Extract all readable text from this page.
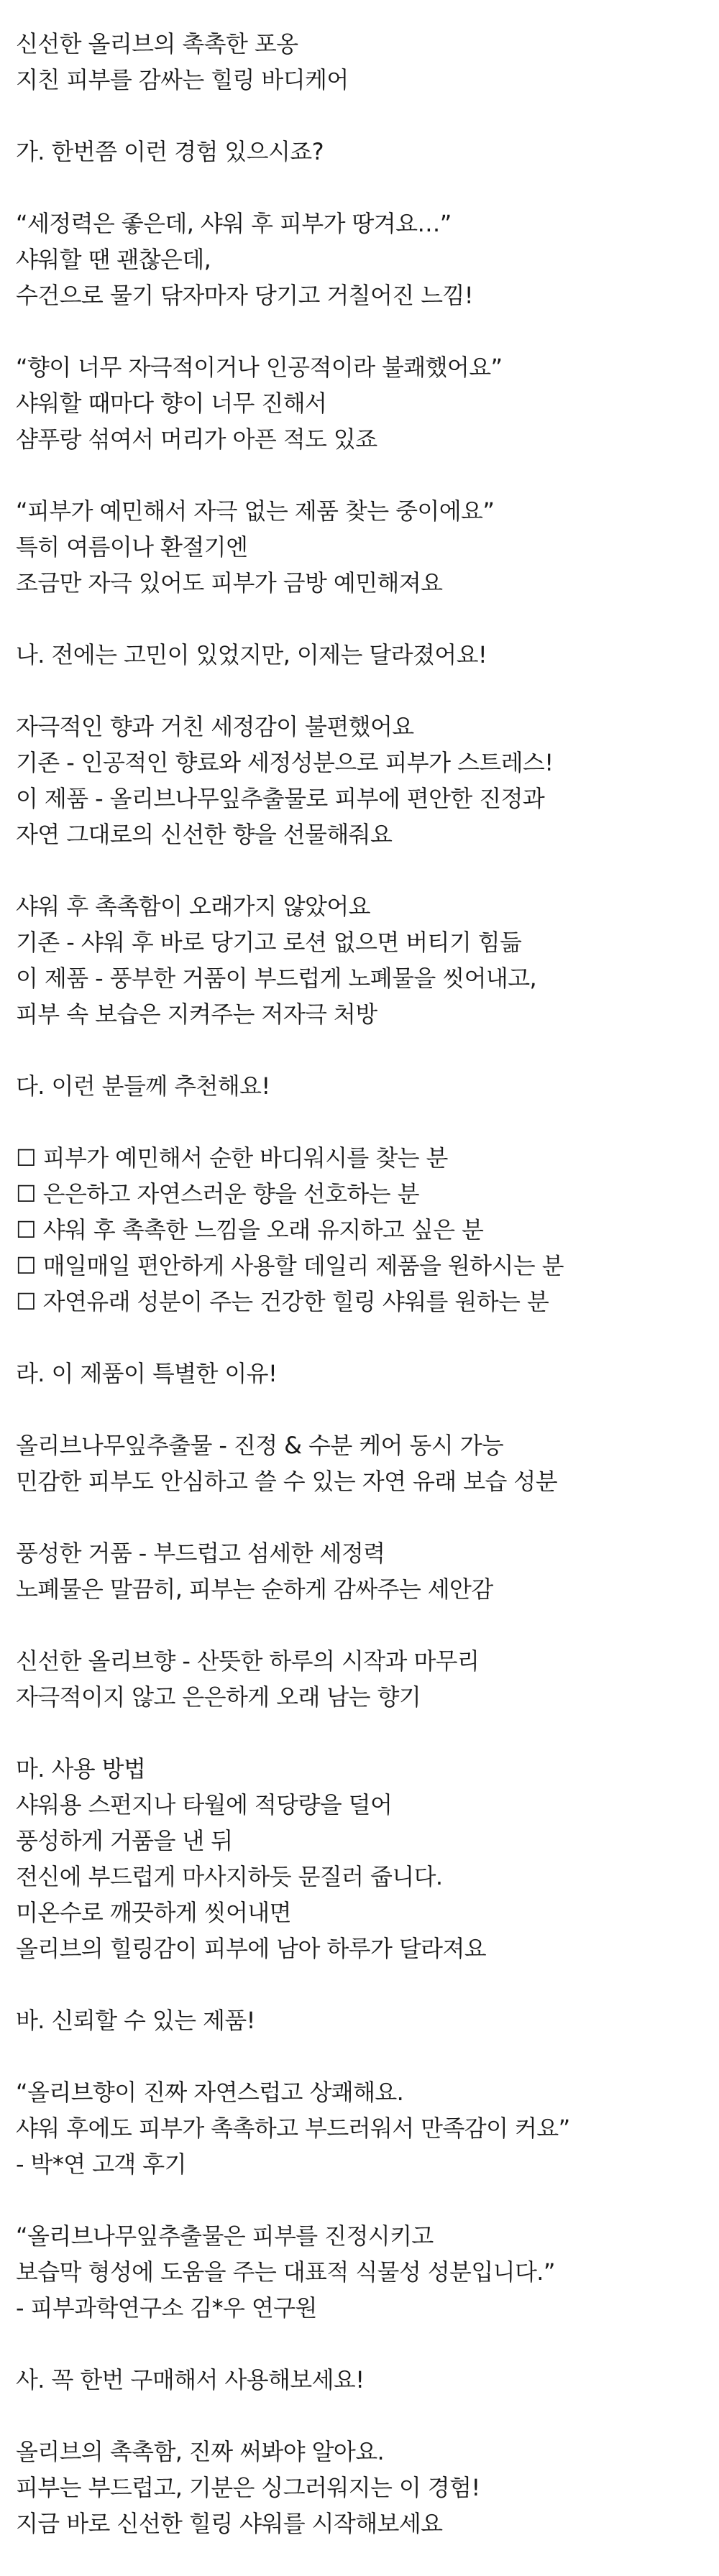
신선한 올리브의 촉촉한 포옹
지친 피부를 감싸는 힐링 바디케어
가. 한번쯤 이런 경험 있으시죠?
“세정력은 좋은데, 샤워 후 피부가 땅겨요…”
샤워할 땐 괜찮은데,
수건으로 물기 닦자마자 당기고 거칠어진 느낌!
“향이 너무 자극적이거나 인공적이라 불쾌했어요”
샤워할 때마다 향이 너무 진해서
샴푸랑 섞여서 머리가 아픈 적도 있죠
“피부가 예민해서 자극 없는 제품 찾는 중이에요”
특히 여름이나 환절기엔
조금만 자극 있어도 피부가 금방 예민해져요
나. 전에는 고민이 있었지만, 이제는 달라졌어요!
자극적인 향과 거친 세정감이 불편했어요
기존 - 인공적인 향료와 세정성분으로 피부가 스트레스!
이 제품 - 올리브나무잎추출물로 피부에 편안한 진정과
자연 그대로의 신선한 향을 선물해줘요
샤워 후 촉촉함이 오래가지 않았어요
기존 - 샤워 후 바로 당기고 로션 없으면 버티기 힘듦
이 제품 - 풍부한 거품이 부드럽게 노폐물을 씻어내고,
피부 속 보습은 지켜주는 저자극 처방
다. 이런 분들께 추천해요!
☐ 피부가 예민해서 순한 바디워시를 찾는 분
☐ 은은하고 자연스러운 향을 선호하는 분
☐ 샤워 후 촉촉한 느낌을 오래 유지하고 싶은 분
☐ 매일매일 편안하게 사용할 데일리 제품을 원하시는 분
☐ 자연유래 성분이 주는 건강한 힐링 샤워를 원하는 분
라. 이 제품이 특별한 이유!
올리브나무잎추출물 - 진정 & 수분 케어 동시 가능
민감한 피부도 안심하고 쓸 수 있는 자연 유래 보습 성분
풍성한 거품 - 부드럽고 섬세한 세정력
노폐물은 말끔히, 피부는 순하게 감싸주는 세안감
신선한 올리브향 - 산뜻한 하루의 시작과 마무리
자극적이지 않고 은은하게 오래 남는 향기
마. 사용 방법
샤워용 스펀지나 타월에 적당량을 덜어
풍성하게 거품을 낸 뒤
전신에 부드럽게 마사지하듯 문질러 줍니다.
미온수로 깨끗하게 씻어내면
올리브의 힐링감이 피부에 남아 하루가 달라져요
바. 신뢰할 수 있는 제품!
“올리브향이 진짜 자연스럽고 상쾌해요.
샤워 후에도 피부가 촉촉하고 부드러워서 만족감이 커요”
- 박*연 고객 후기
“올리브나무잎추출물은 피부를 진정시키고
보습막 형성에 도움을 주는 대표적 식물성 성분입니다.”
- 피부과학연구소 김*우 연구원
사. 꼭 한번 구매해서 사용해보세요!
올리브의 촉촉함, 진짜 써봐야 알아요.
피부는 부드럽고, 기분은 싱그러워지는 이 경험!
지금 바로 신선한 힐링 샤워를 시작해보세요
